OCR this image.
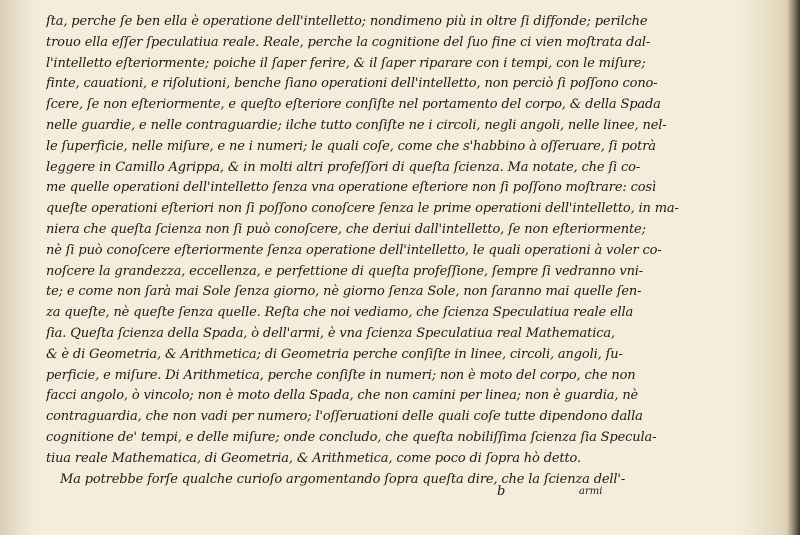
ſta, perche ſe ben ella è operatione dell'intelletto; nondimeno più in oltre ſi diffonde; perilche
trouo ella eſſer ſpeculatiua reale. Reale, perche la cognitione del ſuo fine ci vien moſtrata dal-
l'intelletto eſteriormente; poiche il ſaper ferire, & il ſaper riparare con i tempi, con le miſure;
finte, cauationi, e riſolutioni, benche ſiano operationi dell'intelletto, non perciò ſi poſſono cono-
ſcere, ſe non eſteriormente, e queſto eſteriore conſiſte nel portamento del corpo, & della Spada
nelle guardie, e nelle contraguardie; ilche tutto conſiſte ne i circoli, negli angoli, nelle linee, nel-
le ſuperficie, nelle miſure, e ne i numeri; le quali coſe, come che s'habbino à oſſeruare, ſi potrà
leggere in Camillo Agrippa, & in molti altri profeſſori di queſta ſcienza. Ma notate, che ſi co-
me quelle operationi dell'intelletto ſenza vna operatione eſteriore non ſi poſſono moſtrare: così
queſte operationi eſteriori non ſi poſſono conoſcere ſenza le prime operationi dell'intelletto, in ma-
niera che queſta ſcienza non ſi può conoſcere, che deriui dall'intelletto, ſe non eſteriormente;
nè ſi può conoſcere eſteriormente ſenza operatione dell'intelletto, le quali operationi à voler co-
noſcere la grandezza, eccellenza, e perfettione di queſta profeſſione, ſempre ſi vedranno vni-
te; e come non ſarà mai Sole ſenza giorno, nè giorno ſenza Sole, non ſaranno mai quelle ſen-
za queſte, nè queſte ſenza quelle. Reſta che noi vediamo, che ſcienza Speculatiua reale ella
ſia. Queſta ſcienza della Spada, ò dell'armi, è vna ſcienza Speculatiua real Mathematica,
& è di Geometria, & Arithmetica; di Geometria perche conſiſte in linee, circoli, angoli, ſu-
perficie, e miſure. Di Arithmetica, perche conſiſte in numeri; non è moto del corpo, che non
facci angolo, ò vincolo; non è moto della Spada, che non camini per linea; non è guardia, nè
contraguardia, che non vadi per numero; l'oſſeruationi delle quali coſe tutte dipendono dalla
cognitione de' tempi, e delle miſure; onde concludo, che queſta nobiliſſima ſcienza ſia Specula-
tiua reale Mathematica, di Geometria, & Arithmetica, come poco di ſopra hò detto.
Ma potrebbe forſe qualche curioſo argomentando ſopra queſta dire, che la ſcienza dell'-
b	armi
